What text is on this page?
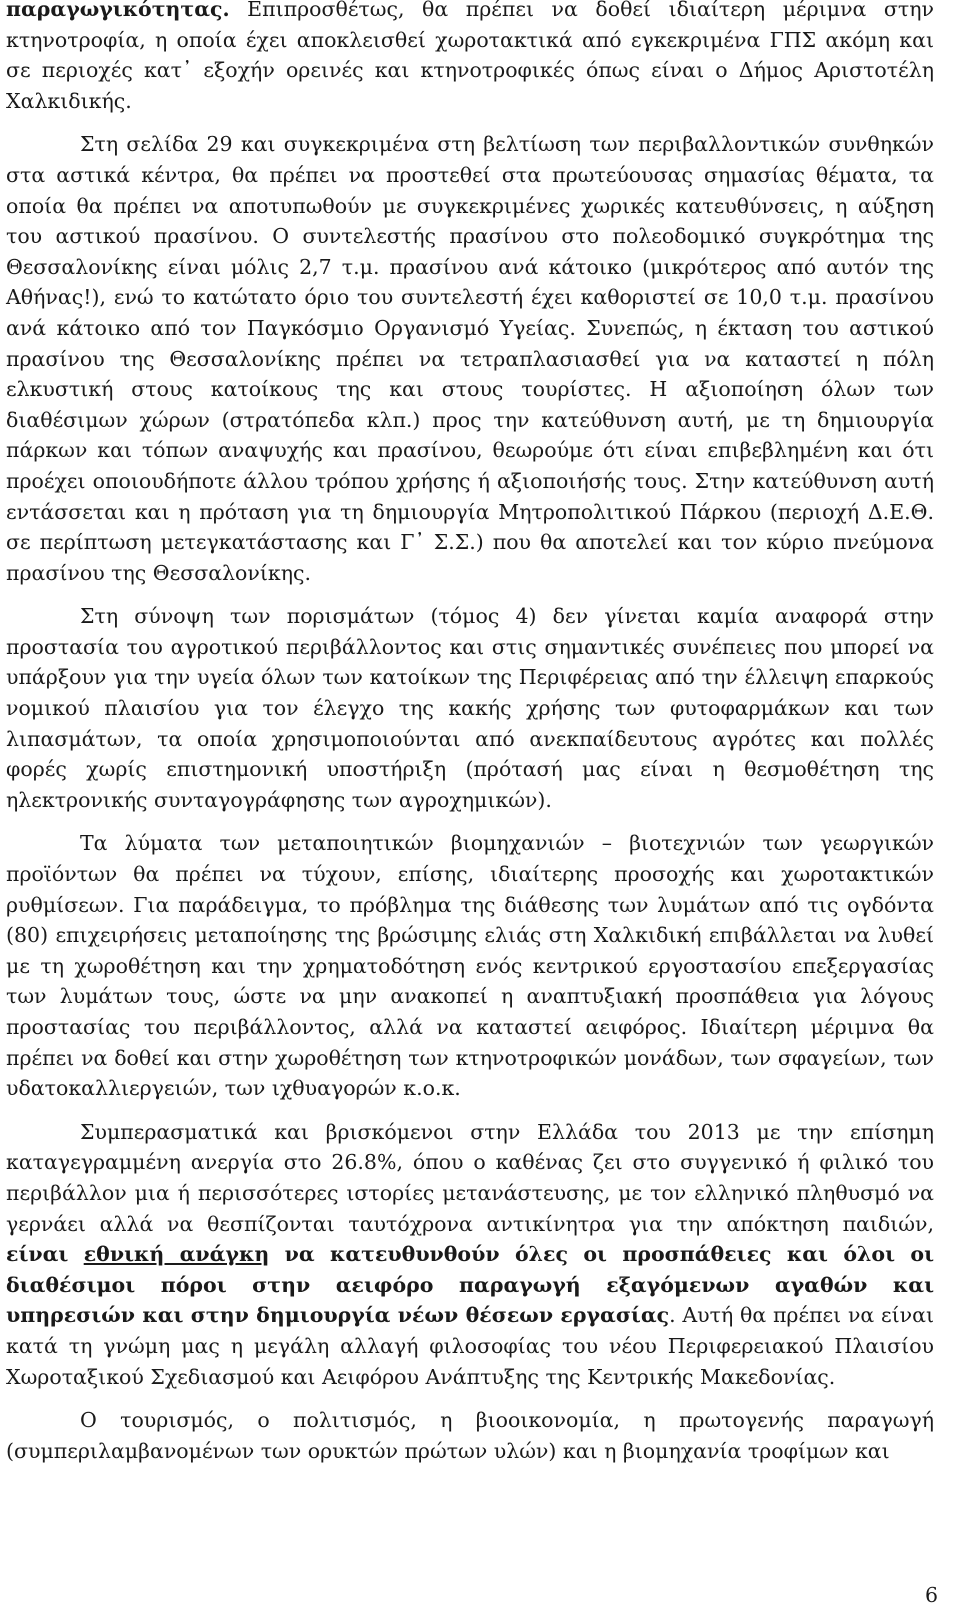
παραγωγικότητας. Επιπροσθέτως, θα πρέπει να δοθεί ιδιαίτερη μέριμνα στην κτηνοτροφία, η οποία έχει αποκλεισθεί χωροτακτικά από εγκεκριμένα ΓΠΣ ακόμη και σε περιοχές κατ᾽ εξοχήν ορεινές και κτηνοτροφικές όπως είναι ο Δήμος Αριστοτέλη Χαλκιδικής.

Στη σελίδα 29 και συγκεκριμένα στη βελτίωση των περιβαλλοντικών συνθηκών στα αστικά κέντρα, θα πρέπει να προστεθεί στα πρωτεύουσας σημασίας θέματα, τα οποία θα πρέπει να αποτυπωθούν με συγκεκριμένες χωρικές κατευθύνσεις, η αύξηση του αστικού πρασίνου. Ο συντελεστής πρασίνου στο πολεοδομικό συγκρότημα της Θεσσαλονίκης είναι μόλις 2,7 τ.μ. πρασίνου ανά κάτοικο (μικρότερος από αυτόν της Αθήνας!), ενώ το κατώτατο όριο του συντελεστή έχει καθοριστεί σε 10,0 τ.μ. πρασίνου ανά κάτοικο από τον Παγκόσμιο Οργανισμό Υγείας. Συνεπώς, η έκταση του αστικού πρασίνου της Θεσσαλονίκης πρέπει να τετραπλασιασθεί για να καταστεί η πόλη ελκυστική στους κατοίκους της και στους τουρίστες. Η αξιοποίηση όλων των διαθέσιμων χώρων (στρατόπεδα κλπ.) προς την κατεύθυνση αυτή, με τη δημιουργία πάρκων και τόπων αναψυχής και πρασίνου, θεωρούμε ότι είναι επιβεβλημένη και ότι προέχει οποιουδήποτε άλλου τρόπου χρήσης ή αξιοποιήσής τους. Στην κατεύθυνση αυτή εντάσσεται και η πρόταση για τη δημιουργία Μητροπολιτικού Πάρκου (περιοχή Δ.Ε.Θ. σε περίπτωση μετεγκατάστασης και Γ᾽ Σ.Σ.) που θα αποτελεί και τον κύριο πνεύμονα πρασίνου της Θεσσαλονίκης.

Στη σύνοψη των πορισμάτων (τόμος 4) δεν γίνεται καμία αναφορά στην προστασία του αγροτικού περιβάλλοντος και στις σημαντικές συνέπειες που μπορεί να υπάρξουν για την υγεία όλων των κατοίκων της Περιφέρειας από την έλλειψη επαρκούς νομικού πλαισίου για τον έλεγχο της κακής χρήσης των φυτοφαρμάκων και των λιπασμάτων, τα οποία χρησιμοποιούνται από ανεκπαίδευτους αγρότες και πολλές φορές χωρίς επιστημονική υποστήριξη (πρότασή μας είναι η θεσμοθέτηση της ηλεκτρονικής συνταγογράφησης των αγροχημικών).

Τα λύματα των μεταποιητικών βιομηχανιών – βιοτεχνιών των γεωργικών προϊόντων θα πρέπει να τύχουν, επίσης, ιδιαίτερης προσοχής και χωροτακτικών ρυθμίσεων. Για παράδειγμα, το πρόβλημα της διάθεσης των λυμάτων από τις ογδόντα (80) επιχειρήσεις μεταποίησης της βρώσιμης ελιάς στη Χαλκιδική επιβάλλεται να λυθεί με τη χωροθέτηση και την χρηματοδότηση ενός κεντρικού εργοστασίου επεξεργασίας των λυμάτων τους, ώστε να μην ανακοπεί η αναπτυξιακή προσπάθεια για λόγους προστασίας του περιβάλλοντος, αλλά να καταστεί αειφόρος. Ιδιαίτερη μέριμνα θα πρέπει να δοθεί και στην χωροθέτηση των κτηνοτροφικών μονάδων, των σφαγείων, των υδατοκαλλιεργειών, των ιχθυαγορών κ.ο.κ.

Συμπερασματικά και βρισκόμενοι στην Ελλάδα του 2013 με την επίσημη καταγεγραμμένη ανεργία στο 26.8%, όπου ο καθένας ζει στο συγγενικό ή φιλικό του περιβάλλον μια ή περισσότερες ιστορίες μετανάστευσης, με τον ελληνικό πληθυσμό να γερνάει αλλά να θεσπίζονται ταυτόχρονα αντικίνητρα για την απόκτηση παιδιών, είναι εθνική ανάγκη να κατευθυνθούν όλες οι προσπάθειες και όλοι οι διαθέσιμοι πόροι στην αειφόρο παραγωγή εξαγόμενων αγαθών και υπηρεσιών και στην δημιουργία νέων θέσεων εργασίας. Αυτή θα πρέπει να είναι κατά τη γνώμη μας η μεγάλη αλλαγή φιλοσοφίας του νέου Περιφερειακού Πλαισίου Χωροταξικού Σχεδιασμού και Αειφόρου Ανάπτυξης της Κεντρικής Μακεδονίας.

Ο τουρισμός, ο πολιτισμός, η βιοοικονομία, η πρωτογενής παραγωγή (συμπεριλαμβανομένων των ορυκτών πρώτων υλών) και η βιομηχανία τροφίμων και

6
